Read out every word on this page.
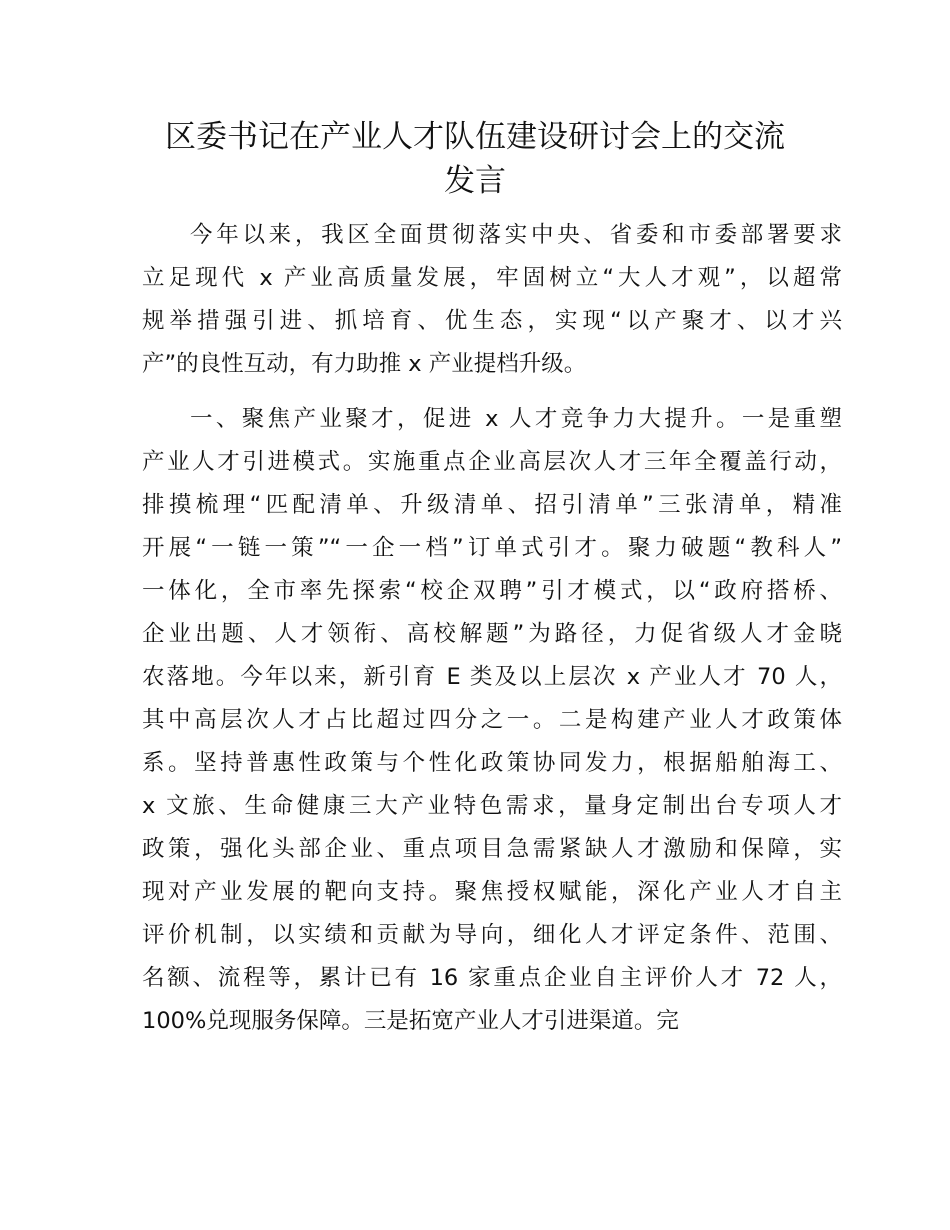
区委书记在产业人才队伍建设研讨会上的交流
发言
今年以来，我区全面贯彻落实中央、省委和市委部署要求
立足现代 x 产业高质量发展，牢固树立“大人才观”，以超常
规举措强引进、抓培育、优生态，实现“以产聚才、以才兴
产”的良性互动，有力助推 x 产业提档升级。
一、聚焦产业聚才，促进 x 人才竞争力大提升。一是重塑
产业人才引进模式。实施重点企业高层次人才三年全覆盖行动，
排摸梳理“匹配清单、升级清单、招引清单”三张清单，精准
开展“一链一策”“一企一档”订单式引才。聚力破题“教科人”
一体化，全市率先探索“校企双聘”引才模式，以“政府搭桥、
企业出题、人才领衔、高校解题”为路径，力促省级人才金晓
农落地。今年以来，新引育 E 类及以上层次 x 产业人才 70 人，
其中高层次人才占比超过四分之一。二是构建产业人才政策体
系。坚持普惠性政策与个性化政策协同发力，根据船舶海工、
x 文旅、生命健康三大产业特色需求，量身定制出台专项人才
政策，强化头部企业、重点项目急需紧缺人才激励和保障，实
现对产业发展的靶向支持。聚焦授权赋能，深化产业人才自主
评价机制，以实绩和贡献为导向，细化人才评定条件、范围、
名额、流程等，累计已有 16 家重点企业自主评价人才 72 人，
100%兑现服务保障。三是拓宽产业人才引进渠道。完
